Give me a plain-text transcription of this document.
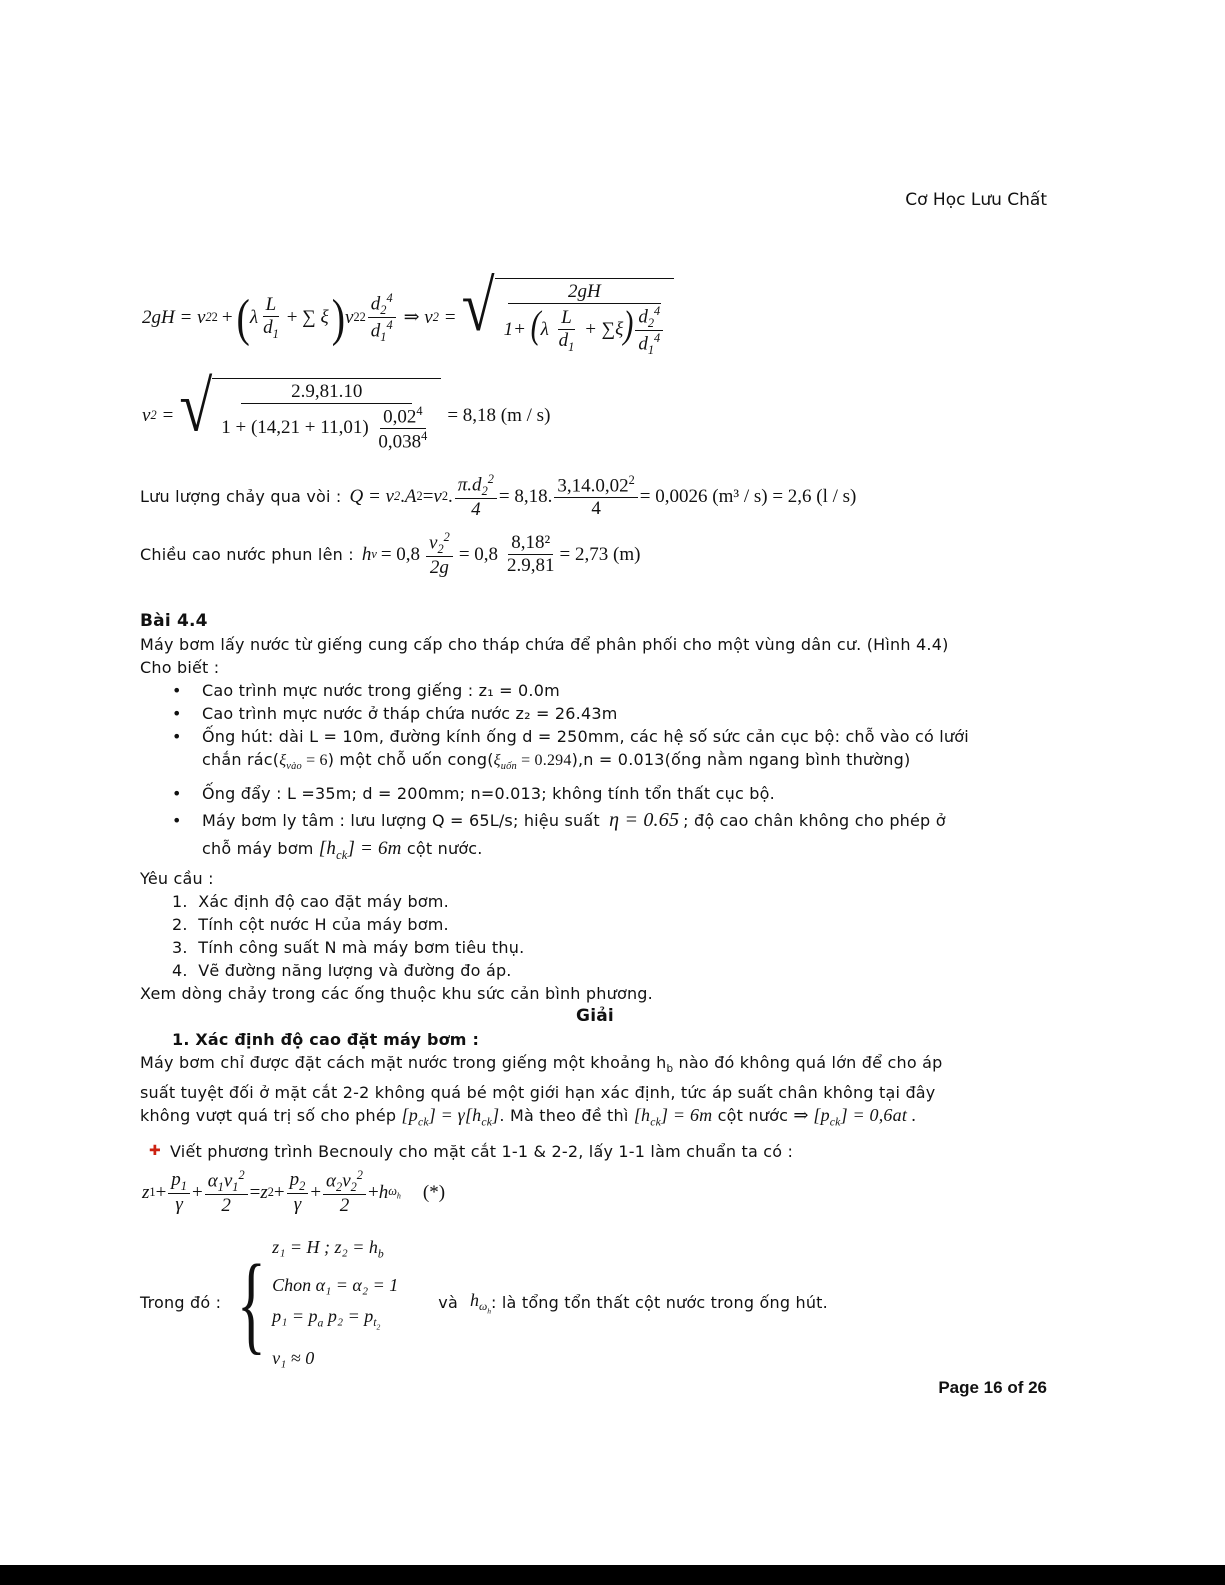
Cơ Học Lưu Chất
2gH = v 2 2 + ( λ $\frac{L}{d_1}$ + ∑ ξ ) v 2 $2 \frac{d_2^4}{d_1^4}$ ⇒ v 2 = √ $\frac{2gH}{1+ (\lambda \frac{L}{d_1} + \sum\xi) \frac{d_2^4}{d_1^4}}$
v 2 = √ $\frac{2.9,81.10}{1 + (14,21 + 11,01) \frac{0,02^4}{0,038^4}} = 8,18$ (m / s)
Lưu lượng chảy qua vòi : Q = v 2 . A 2 = v 2 . $\frac{\pi.d_2^2}{4} = 8,18$. $\frac{3,14.0,02^2}{4} = 0,0026$ (m³ / s) = 2,6 (l / s)
Chiều cao nước phun lên : h $v = 0,8 \frac{v_2^2}{2g} = 0,8 \frac{\text{8,18²}}{2.9,81} = 2,73$ (m)
Bài 4.4
Máy bơm lấy nước từ giếng cung cấp cho tháp chứa để phân phối cho một vùng dân cư. (Hình 4.4)
Cho biết :
• Cao trình mực nước trong giếng : z₁ = 0.0m
• Cao trình mực nước ở tháp chứa nước z₂ = 26.43m
• Ống hút: dài L = 10m, đường kính ống d = 250mm, các hệ số sức cản cục bộ: chỗ vào có lưới
chắn $rác(\xi_{vào} = 6)$ một chỗ uốn $cong(\xi_{uốn} = 0.294),n$ = 0.013(ống nằm ngang bình thường)
• Ống đẩy : L =35m; d = 200mm; n=0.013; không tính tổn thất cục bộ.
• Máy bơm ly tâm : lưu lượng Q = 65L/s; hiệu suất η = 0.65 ; độ cao chân không cho phép ở
chỗ máy bơm $[h_{ck}] = 6m$ cột nước.
Yêu cầu :
1.  Xác định độ cao đặt máy bơm.
2.  Tính cột nước H của máy bơm.
3.  Tính công suất N mà máy bơm tiêu thụ.
4.  Vẽ đường năng lượng và đường đo áp.
Xem dòng chảy trong các ống thuộc khu sức cản bình phương.
Giải
1. Xác định độ cao đặt máy bơm :
Máy bơm chỉ được đặt cách mặt nước trong giếng một khoảng $h_b$ nào đó không quá lớn để cho áp
suất tuyệt đối ở mặt cắt 2-2 không quá bé một giới hạn xác định, tức áp suất chân không tại đây
không vượt quá trị số cho phép $[p_{ck}] = \gamma[h_{ck}]$. Mà theo đề thì $[h_{ck}] = 6m$ cột nước ⇒ $[p_{ck}] = 0,6at$ .
✚ Viết phương trình Becnouly cho mặt cắt 1-1 & 2-2, lấy 1-1 làm chuẩn ta có :
z $1 + \frac{p_1}{\gamma} + \frac{\alpha_1v_1^2}{2} = z$ $2 + \frac{p_2}{\gamma} + \frac{\alpha_2v_2^2}{2} + h$ $\omega_h$ (*)
Trong đó : { z₁ = H ; $z_2 = h_b$
Chon α₁ = α₂ = 1
$p_1 = p_a$ $p_2 = p_{t_2}$
v₁ ≈ 0
và $h_{\omega_h}$ : là tổng tổn thất cột nước trong ống hút.
Page 16 of 26
